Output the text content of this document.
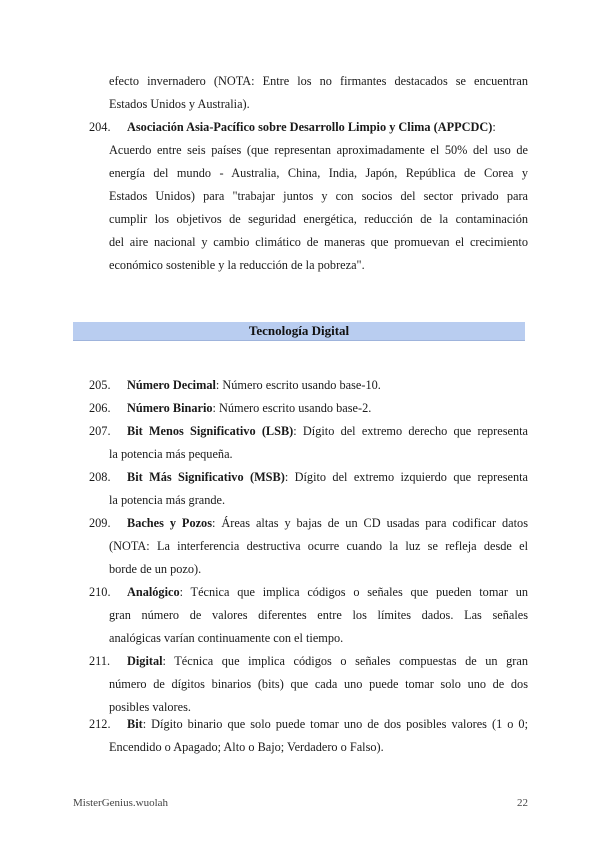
efecto invernadero (NOTA: Entre los no firmantes destacados se encuentran
Estados Unidos y Australia).
204. Asociación Asia-Pacífico sobre Desarrollo Limpio y Clima (APPCDC):
Acuerdo entre seis países (que representan aproximadamente el 50% del uso de
energía del mundo - Australia, China, India, Japón, República de Corea y
Estados Unidos) para "trabajar juntos y con socios del sector privado para
cumplir los objetivos de seguridad energética, reducción de la contaminación
del aire nacional y cambio climático de maneras que promuevan el crecimiento
económico sostenible y la reducción de la pobreza".
Tecnología Digital
205. Número Decimal: Número escrito usando base-10.
206. Número Binario: Número escrito usando base-2.
207. Bit Menos Significativo (LSB): Dígito del extremo derecho que representa
la potencia más pequeña.
208. Bit Más Significativo (MSB): Dígito del extremo izquierdo que representa
la potencia más grande.
209. Baches y Pozos: Áreas altas y bajas de un CD usadas para codificar datos
(NOTA: La interferencia destructiva ocurre cuando la luz se refleja desde el
borde de un pozo).
210. Analógico: Técnica que implica códigos o señales que pueden tomar un
gran número de valores diferentes entre los límites dados. Las señales
analógicas varían continuamente con el tiempo.
211. Digital: Técnica que implica códigos o señales compuestas de un gran
número de dígitos binarios (bits) que cada uno puede tomar solo uno de dos
posibles valores.
212. Bit: Dígito binario que solo puede tomar uno de dos posibles valores (1 o 0;
Encendido o Apagado; Alto o Bajo; Verdadero o Falso).
MisterGenius.wuolah	22
